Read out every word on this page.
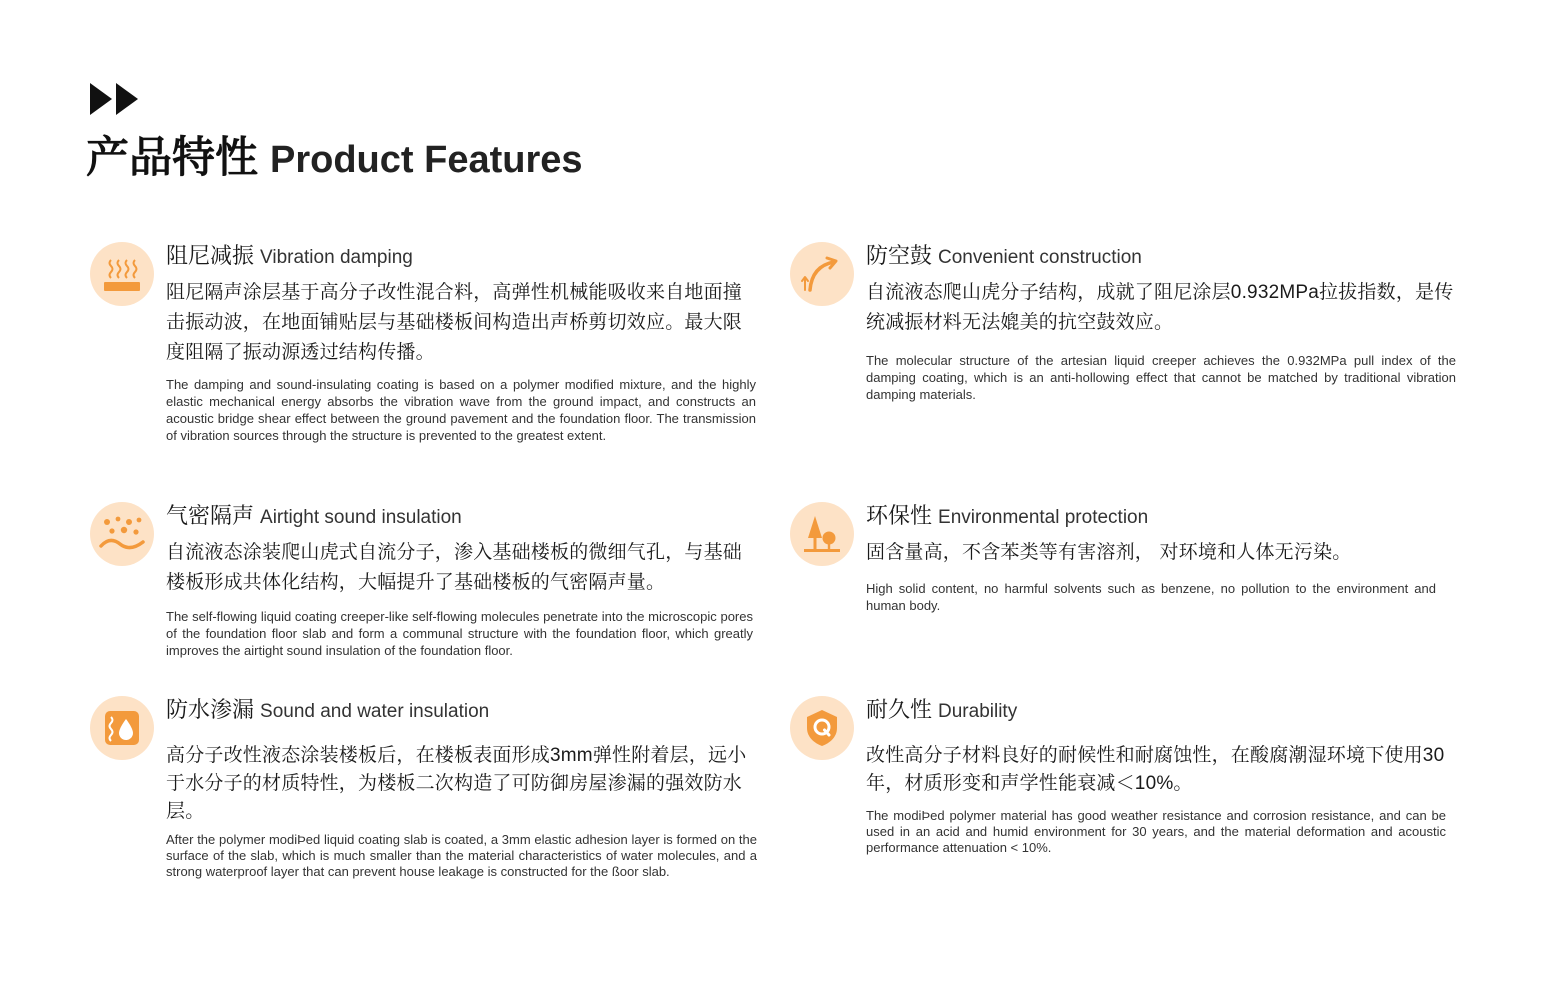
产品特性 Product Features
阻尼减振 Vibration damping

阻尼隔声涂层基于高分子改性混合料，高弹性机械能吸收来自地面撞击振动波，在地面铺贴层与基础楼板间构造出声桥剪切效应。最大限度阻隔了振动源透过结构传播。

The damping and sound-insulating coating is based on a polymer modified mixture, and the highly elastic mechanical energy absorbs the vibration wave from the ground impact, and constructs an acoustic bridge shear effect between the ground pavement and the foundation floor. The transmission of vibration sources through the structure is prevented to the greatest extent.

防空鼓 Convenient construction

自流液态爬山虎分子结构，成就了阻尼涂层0.932MPa拉拔指数，是传统减振材料无法媲美的抗空鼓效应。

The molecular structure of the artesian liquid creeper achieves the 0.932MPa pull index of the damping coating, which is an anti-hollowing effect that cannot be matched by traditional vibration damping materials.

气密隔声 Airtight sound insulation

自流液态涂装爬山虎式自流分子，渗入基础楼板的微细气孔，与基础楼板形成共体化结构，大幅提升了基础楼板的气密隔声量。

The self-flowing liquid coating creeper-like self-flowing molecules penetrate into the microscopic pores of the foundation floor slab and form a communal structure with the foundation floor, which greatly improves the airtight sound insulation of the foundation floor.

环保性 Environmental protection

固含量高，不含苯类等有害溶剂， 对环境和人体无污染。

High solid content, no harmful solvents such as benzene, no pollution to the environment and human body.

防水渗漏 Sound and water insulation

高分子改性液态涂装楼板后，在楼板表面形成3mm弹性附着层，远小于水分子的材质特性，为楼板二次构造了可防御房屋渗漏的强效防水层。

After the polymer modiÞed liquid coating slab is coated, a 3mm elastic adhesion layer is formed on the surface of the slab, which is much smaller than the material characteristics of water molecules, and a strong waterproof layer that can prevent house leakage is constructed for the ßoor slab.

耐久性 Durability

改性高分子材料良好的耐候性和耐腐蚀性，在酸腐潮湿环境下使用30年，材质形变和声学性能衰减＜10%。

The modiÞed polymer material has good weather resistance and corrosion resistance, and can be used in an acid and humid environment for 30 years, and the material deformation and acoustic performance attenuation < 10%.
